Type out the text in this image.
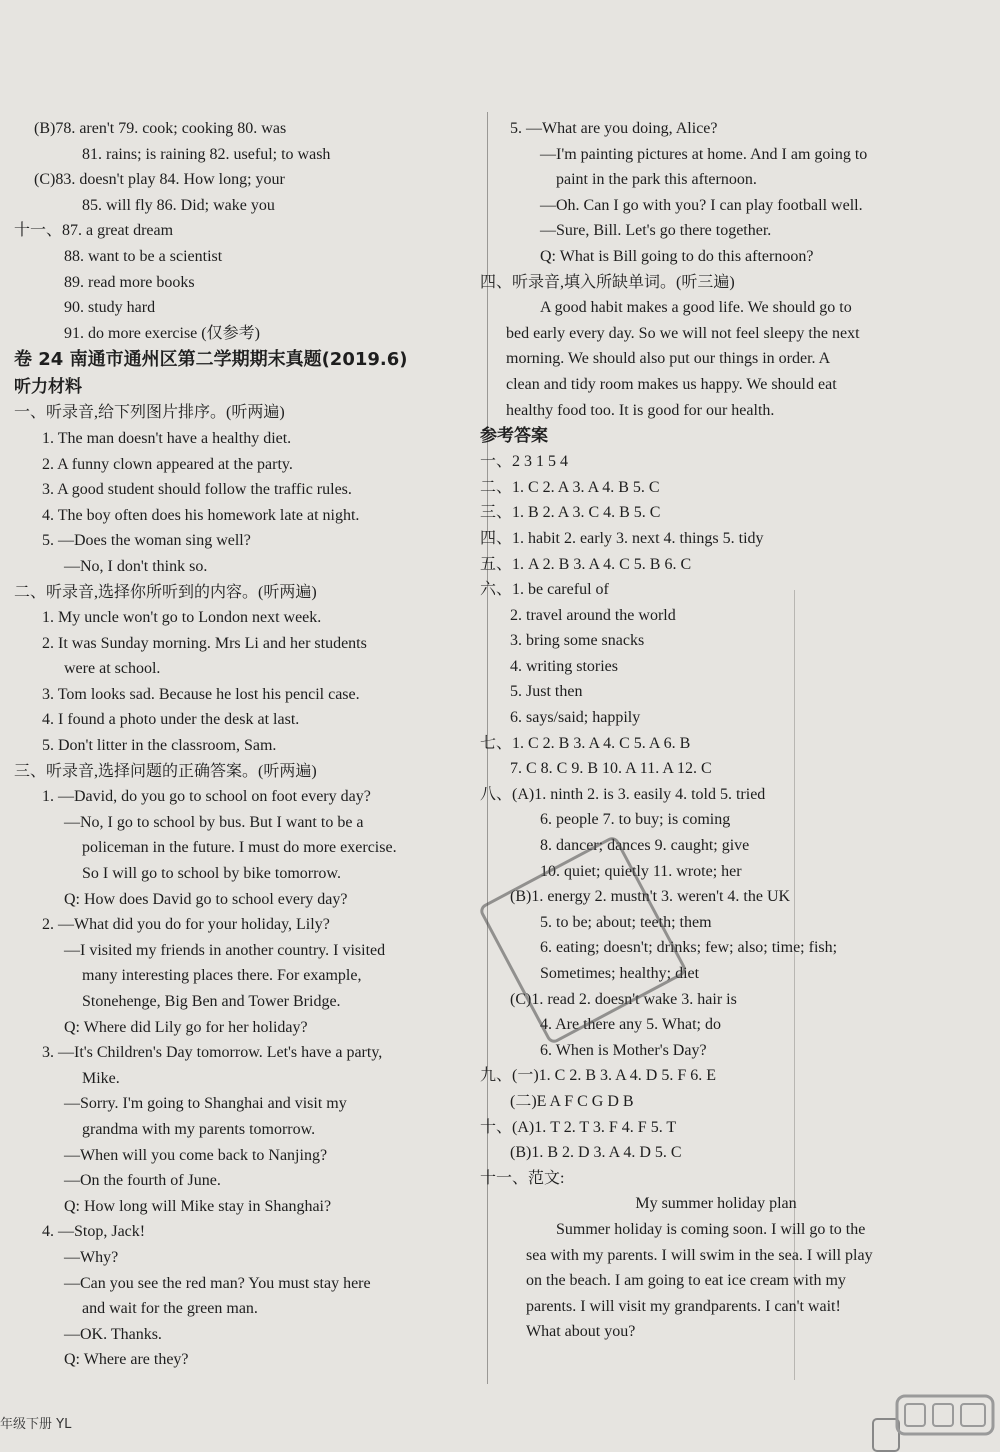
(B)78. aren't 79. cook; cooking 80. was
81. rains; is raining 82. useful; to wash
(C)83. doesn't play 84. How long; your
85. will fly 86. Did; wake you
十一、87. a great dream
88. want to be a scientist
89. read more books
90. study hard
91. do more exercise (仅参考)
卷 24 南通市通州区第二学期期末真题(2019.6)
听力材料
一、听录音,给下列图片排序。(听两遍)
1. The man doesn't have a healthy diet.
2. A funny clown appeared at the party.
3. A good student should follow the traffic rules.
4. The boy often does his homework late at night.
5. —Does the woman sing well?
—No, I don't think so.
二、听录音,选择你所听到的内容。(听两遍)
1. My uncle won't go to London next week.
2. It was Sunday morning. Mrs Li and her students
were at school.
3. Tom looks sad. Because he lost his pencil case.
4. I found a photo under the desk at last.
5. Don't litter in the classroom, Sam.
三、听录音,选择问题的正确答案。(听两遍)
1. —David, do you go to school on foot every day?
—No, I go to school by bus. But I want to be a
policeman in the future. I must do more exercise.
So I will go to school by bike tomorrow.
Q: How does David go to school every day?
2. —What did you do for your holiday, Lily?
—I visited my friends in another country. I visited
many interesting places there. For example,
Stonehenge, Big Ben and Tower Bridge.
Q: Where did Lily go for her holiday?
3. —It's Children's Day tomorrow. Let's have a party,
Mike.
—Sorry. I'm going to Shanghai and visit my
grandma with my parents tomorrow.
—When will you come back to Nanjing?
—On the fourth of June.
Q: How long will Mike stay in Shanghai?
4. —Stop, Jack!
—Why?
—Can you see the red man? You must stay here
and wait for the green man.
—OK. Thanks.
Q: Where are they?
5. —What are you doing, Alice?
—I'm painting pictures at home. And I am going to
paint in the park this afternoon.
—Oh. Can I go with you? I can play football well.
—Sure, Bill. Let's go there together.
Q: What is Bill going to do this afternoon?
四、听录音,填入所缺单词。(听三遍)
A good habit makes a good life. We should go to
bed early every day. So we will not feel sleepy the next
morning. We should also put our things in order. A
clean and tidy room makes us happy. We should eat
healthy food too. It is good for our health.
参考答案
一、2 3 1 5 4
二、1. C 2. A 3. A 4. B 5. C
三、1. B 2. A 3. C 4. B 5. C
四、1. habit 2. early 3. next 4. things 5. tidy
五、1. A 2. B 3. A 4. C 5. B 6. C
六、1. be careful of
2. travel around the world
3. bring some snacks
4. writing stories
5. Just then
6. says/said; happily
七、1. C 2. B 3. A 4. C 5. A 6. B
7. C 8. C 9. B 10. A 11. A 12. C
八、(A)1. ninth 2. is 3. easily 4. told 5. tried
6. people 7. to buy; is coming
8. dancer; dances 9. caught; give
10. quiet; quietly 11. wrote; her
(B)1. energy 2. mustn't 3. weren't 4. the UK
5. to be; about; teeth; them
6. eating; doesn't; drinks; few; also; time; fish;
Sometimes; healthy; diet
(C)1. read 2. doesn't wake 3. hair is
4. Are there any 5. What; do
6. When is Mother's Day?
九、(一)1. C 2. B 3. A 4. D 5. F 6. E
(二)E A F C G D B
十、(A)1. T 2. T 3. F 4. F 5. T
(B)1. B 2. D 3. A 4. D 5. C
十一、范文:
My summer holiday plan
Summer holiday is coming soon. I will go to the
sea with my parents. I will swim in the sea. I will play
on the beach. I am going to eat ice cream with my
parents. I will visit my grandparents. I can't wait!
What about you?
年级下册 YL
